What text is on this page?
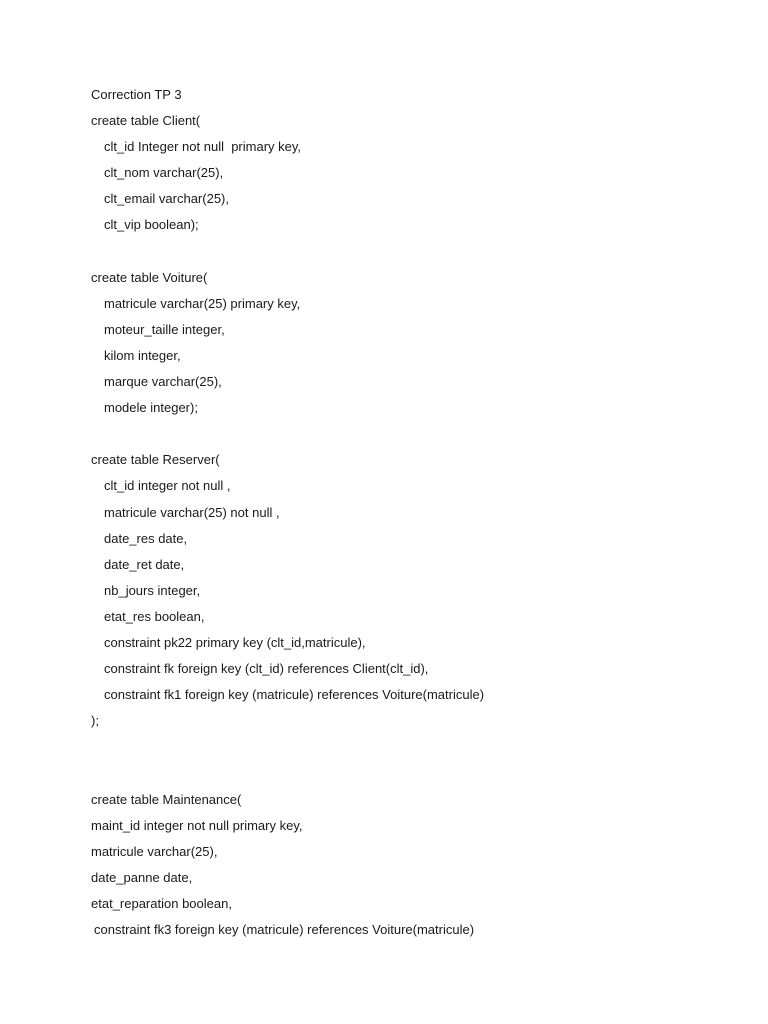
Correction TP 3
create table Client(
clt_id Integer not null  primary key,
clt_nom varchar(25),
clt_email varchar(25),
clt_vip boolean);
create table Voiture(
matricule varchar(25) primary key,
moteur_taille integer,
kilom integer,
marque varchar(25),
modele integer);
create table Reserver(
clt_id integer not null ,
matricule varchar(25) not null ,
date_res date,
date_ret date,
nb_jours integer,
etat_res boolean,
constraint pk22 primary key (clt_id,matricule),
constraint fk foreign key (clt_id) references Client(clt_id),
constraint fk1 foreign key (matricule) references Voiture(matricule)
);
create table Maintenance(
maint_id integer not null primary key,
matricule varchar(25),
date_panne date,
etat_reparation boolean,
constraint fk3 foreign key (matricule) references Voiture(matricule)
